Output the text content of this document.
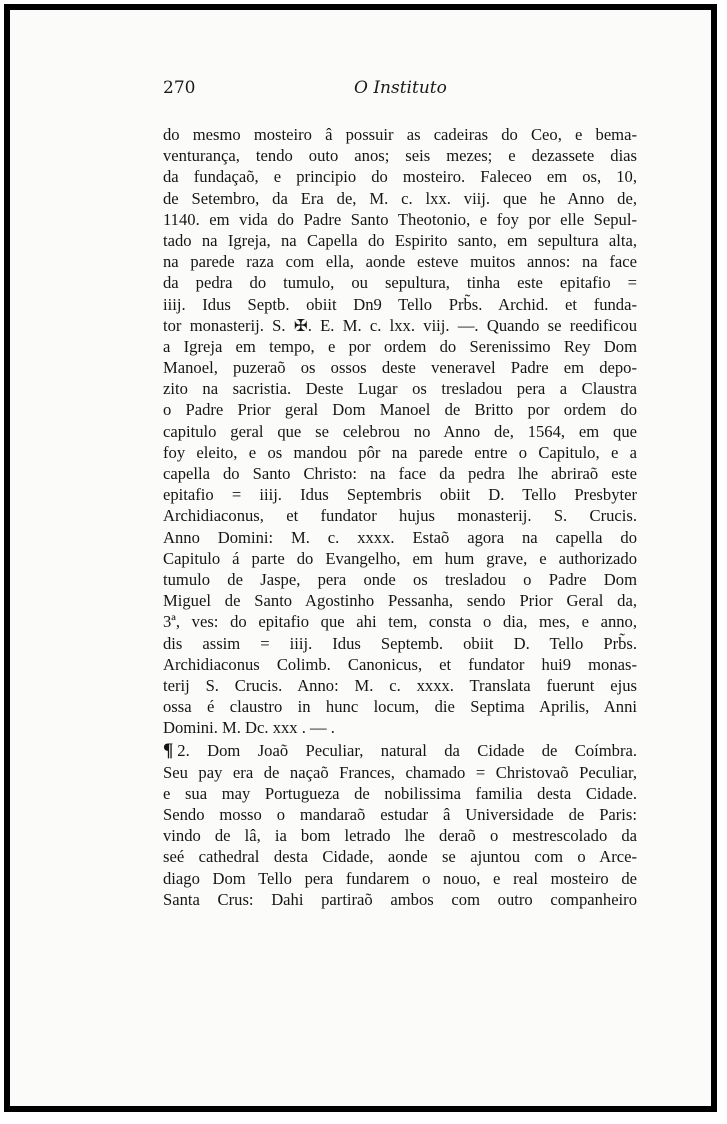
270	O Instituto
do mesmo mosteiro â possuir as cadeiras do Ceo, e bema-
venturança, tendo outo anos; seis mezes; e dezassete dias
da fundaçaõ, e principio do mosteiro. Faleceo em os, 10,
de Setembro, da Era de, M. c. lxx. viij. que he Anno de,
1140. em vida do Padre Santo Theotonio, e foy por elle Sepul-
tado na Igreja, na Capella do Espirito santo, em sepultura alta,
na parede raza com ella, aonde esteve muitos annos: na face
da pedra do tumulo, ou sepultura, tinha este epitafio =
iiij. Idus Septb. obiit Dn9 Tello Prb̃s. Archid. et funda-
tor monasterij. S. ✠. E. M. c. lxx. viij. —. Quando se reedificou
a Igreja em tempo, e por ordem do Serenissimo Rey Dom
Manoel, puzeraõ os ossos deste veneravel Padre em depo-
zito na sacristia. Deste Lugar os tresladou pera a Claustra
o Padre Prior geral Dom Manoel de Britto por ordem do
capitulo geral que se celebrou no Anno de, 1564, em que
foy eleito, e os mandou pôr na parede entre o Capitulo, e a
capella do Santo Christo: na face da pedra lhe abriraõ este
epitafio = iiij. Idus Septembris obiit D. Tello Presbyter
Archidiaconus, et fundator hujus monasterij. S. Crucis.
Anno Domini: M. c. xxxx. Estaõ agora na capella do
Capitulo á parte do Evangelho, em hum grave, e authorizado
tumulo de Jaspe, pera onde os tresladou o Padre Dom
Miguel de Santo Agostinho Pessanha, sendo Prior Geral da,
3ª, ves: do epitafio que ahi tem, consta o dia, mes, e anno,
dis assim = iiij. Idus Septemb. obiit D. Tello Prb̃s.
Archidiaconus Colimb. Canonicus, et fundator hui9 monas-
terij S. Crucis. Anno: M. c. xxxx. Translata fuerunt ejus
ossa é claustro in hunc locum, die Septima Aprilis, Anni
Domini. M. Dc. xxx . — .
¶ 2. Dom Joaõ Peculiar, natural da Cidade de Coímbra.
Seu pay era de naçaõ Frances, chamado = Christovaõ Peculiar,
e sua may Portugueza de nobilissima familia desta Cidade.
Sendo mosso o mandaraõ estudar â Universidade de Paris:
vindo de lâ, ia bom letrado lhe deraõ o mestrescolado da
seé cathedral desta Cidade, aonde se ajuntou com o Arce-
diago Dom Tello pera fundarem o nouo, e real mosteiro de
Santa Crus: Dahi partiraõ ambos com outro companheiro
